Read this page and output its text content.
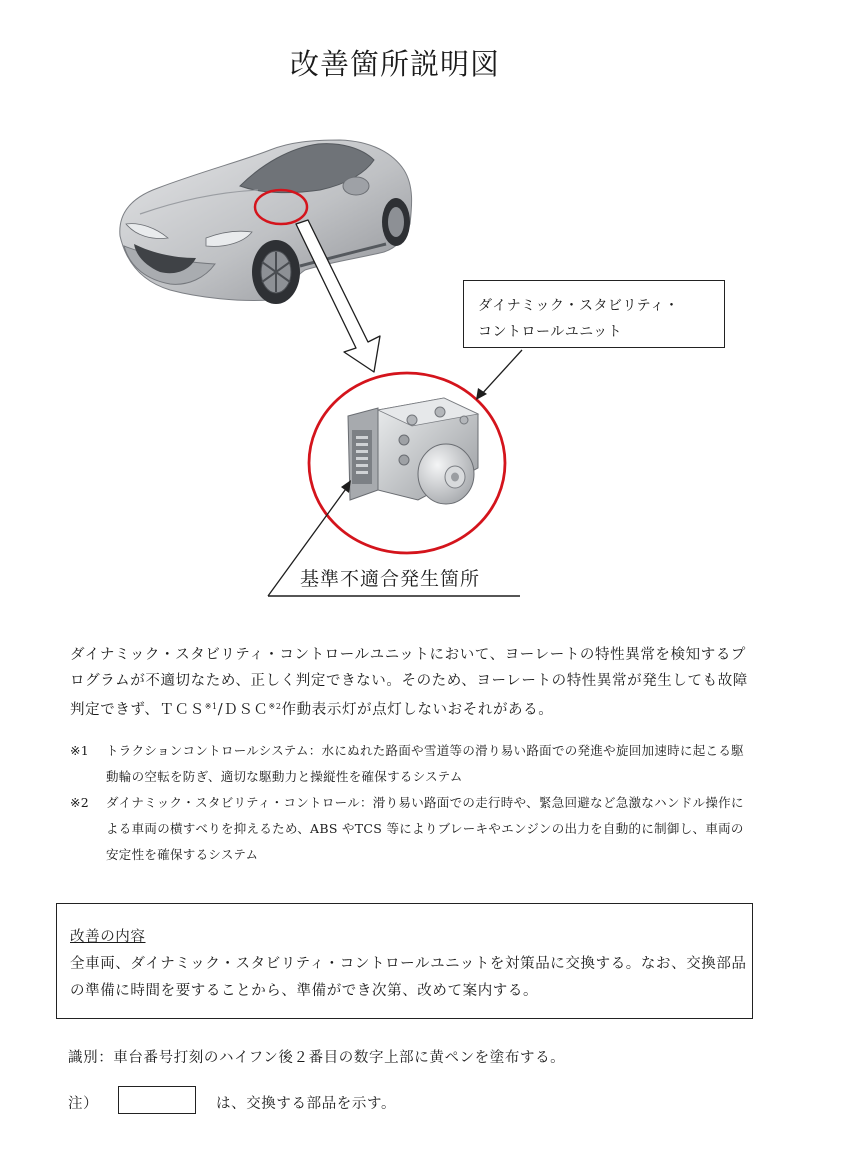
改善箇所説明図
ダイナミック・スタビリティ・
コントロールユニット
基準不適合発生箇所

ダイナミック・スタビリティ・コントロールユニットにおいて、ヨーレートの特性異常を検知するプログラムが不適切なため、正しく判定できない。そのため、ヨーレートの特性異常が発生しても故障判定できず、ＴＣＳ$^{※1}$/ＤＳＣ$^{※2}$作動表示灯が点灯しないおそれがある。

※1 トラクションコントロールシステム：水にぬれた路面や雪道等の滑り易い路面での発進や旋回加速時に起こる駆動輪の空転を防ぎ、適切な駆動力と操縦性を確保するシステム
※2 ダイナミック・スタビリティ・コントロール：滑り易い路面での走行時や、緊急回避など急激なハンドル操作による車両の横すべりを抑えるため、ABS やTCS 等によりブレーキやエンジンの出力を自動的に制御し、車両の安定性を確保するシステム

改善の内容

全車両、ダイナミック・スタビリティ・コントロールユニットを対策品に交換する。なお、交換部品の準備に時間を要することから、準備ができ次第、改めて案内する。

識別：車台番号打刻のハイフン後２番目の数字上部に黄ペンを塗布する。
注）	は、交換する部品を示す。
